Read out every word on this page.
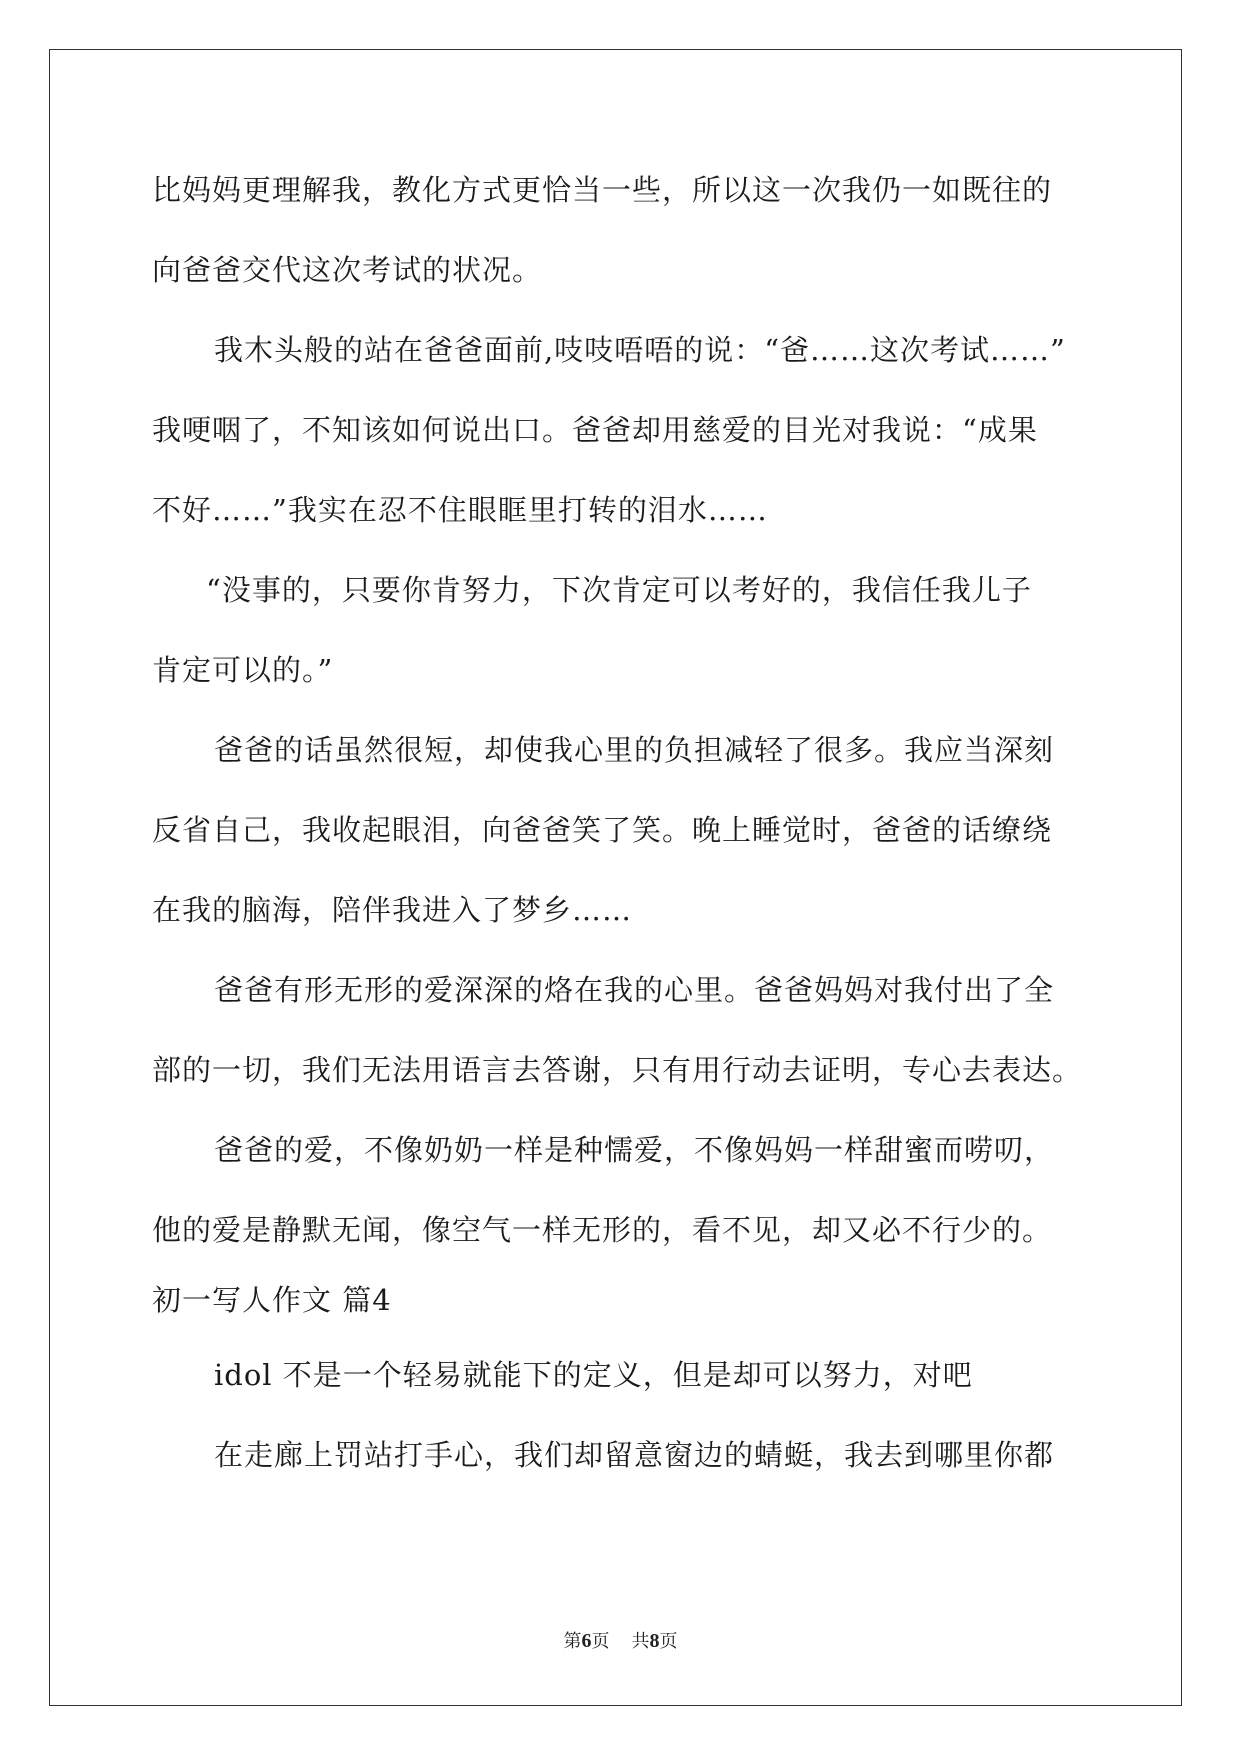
比妈妈更理解我，教化方式更恰当一些，所以这一次我仍一如既往的
向爸爸交代这次考试的状况。
我木头般的站在爸爸面前,吱吱唔唔的说：“爸……这次考试……”
我哽咽了，不知该如何说出口。爸爸却用慈爱的目光对我说：“成果
不好……”我实在忍不住眼眶里打转的泪水……
“没事的，只要你肯努力，下次肯定可以考好的，我信任我儿子
肯定可以的。”
爸爸的话虽然很短，却使我心里的负担减轻了很多。我应当深刻
反省自己，我收起眼泪，向爸爸笑了笑。晚上睡觉时，爸爸的话缭绕
在我的脑海，陪伴我进入了梦乡……
爸爸有形无形的爱深深的烙在我的心里。爸爸妈妈对我付出了全
部的一切，我们无法用语言去答谢，只有用行动去证明，专心去表达。
爸爸的爱，不像奶奶一样是种懦爱，不像妈妈一样甜蜜而唠叨，
他的爱是静默无闻，像空气一样无形的，看不见，却又必不行少的。
初一写人作文 篇4
idol 不是一个轻易就能下的定义，但是却可以努力，对吧
在走廊上罚站打手心，我们却留意窗边的蜻蜓，我去到哪里你都
第6页 共8页
